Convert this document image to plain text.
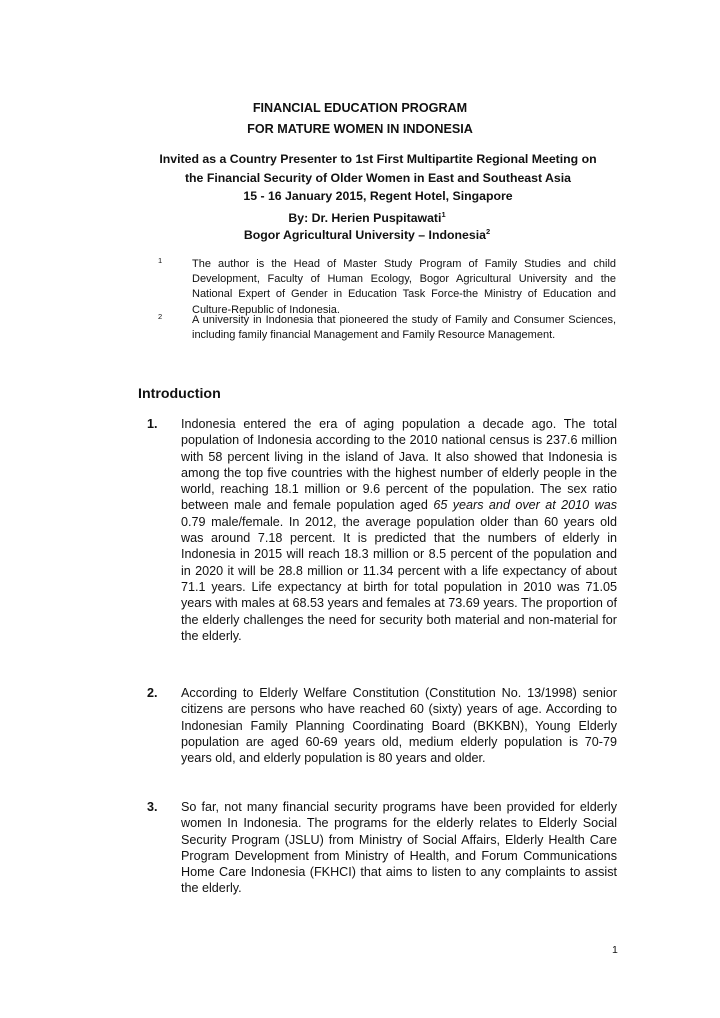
FINANCIAL EDUCATION PROGRAM
FOR MATURE WOMEN IN INDONESIA
Invited as a Country Presenter to 1st First Multipartite Regional Meeting on
the Financial Security of Older Women in East and Southeast Asia
15 - 16 January 2015, Regent Hotel, Singapore
By: Dr. Herien Puspitawati$^1$
Bogor Agricultural University – Indonesia$^2$
1	The author is the Head of Master Study Program of Family Studies and child Development, Faculty of Human Ecology, Bogor Agricultural University and the National Expert of Gender in Education Task Force-the Ministry of Education and Culture-Republic of Indonesia.
2	A university in Indonesia that pioneered the study of Family and Consumer Sciences, including family financial Management and Family Resource Management.
Introduction
1. Indonesia entered the era of aging population a decade ago. The total population of Indonesia according to the 2010 national census is 237.6 million with 58 percent living in the island of Java. It also showed that Indonesia is among the top five countries with the highest number of elderly people in the world, reaching 18.1 million or 9.6 percent of the population. The sex ratio between male and female population aged 65 years and over at 2010 was 0.79 male/female. In 2012, the average population older than 60 years old was around 7.18 percent. It is predicted that the numbers of elderly in Indonesia in 2015 will reach 18.3 million or 8.5 percent of the population and in 2020 it will be 28.8 million or 11.34 percent with a life expectancy of about 71.1 years. Life expectancy at birth for total population in 2010 was 71.05 years with males at 68.53 years and females at 73.69 years. The proportion of the elderly challenges the need for security both material and non-material for the elderly.
2. According to Elderly Welfare Constitution (Constitution No. 13/1998) senior citizens are persons who have reached 60 (sixty) years of age. According to Indonesian Family Planning Coordinating Board (BKKBN), Young Elderly population are aged 60-69 years old, medium elderly population is 70-79 years old, and elderly population is 80 years and older.
3. So far, not many financial security programs have been provided for elderly women In Indonesia. The programs for the elderly relates to Elderly Social Security Program (JSLU) from Ministry of Social Affairs, Elderly Health Care Program Development from Ministry of Health, and Forum Communications Home Care Indonesia (FKHCI) that aims to listen to any complaints to assist the elderly.
1
